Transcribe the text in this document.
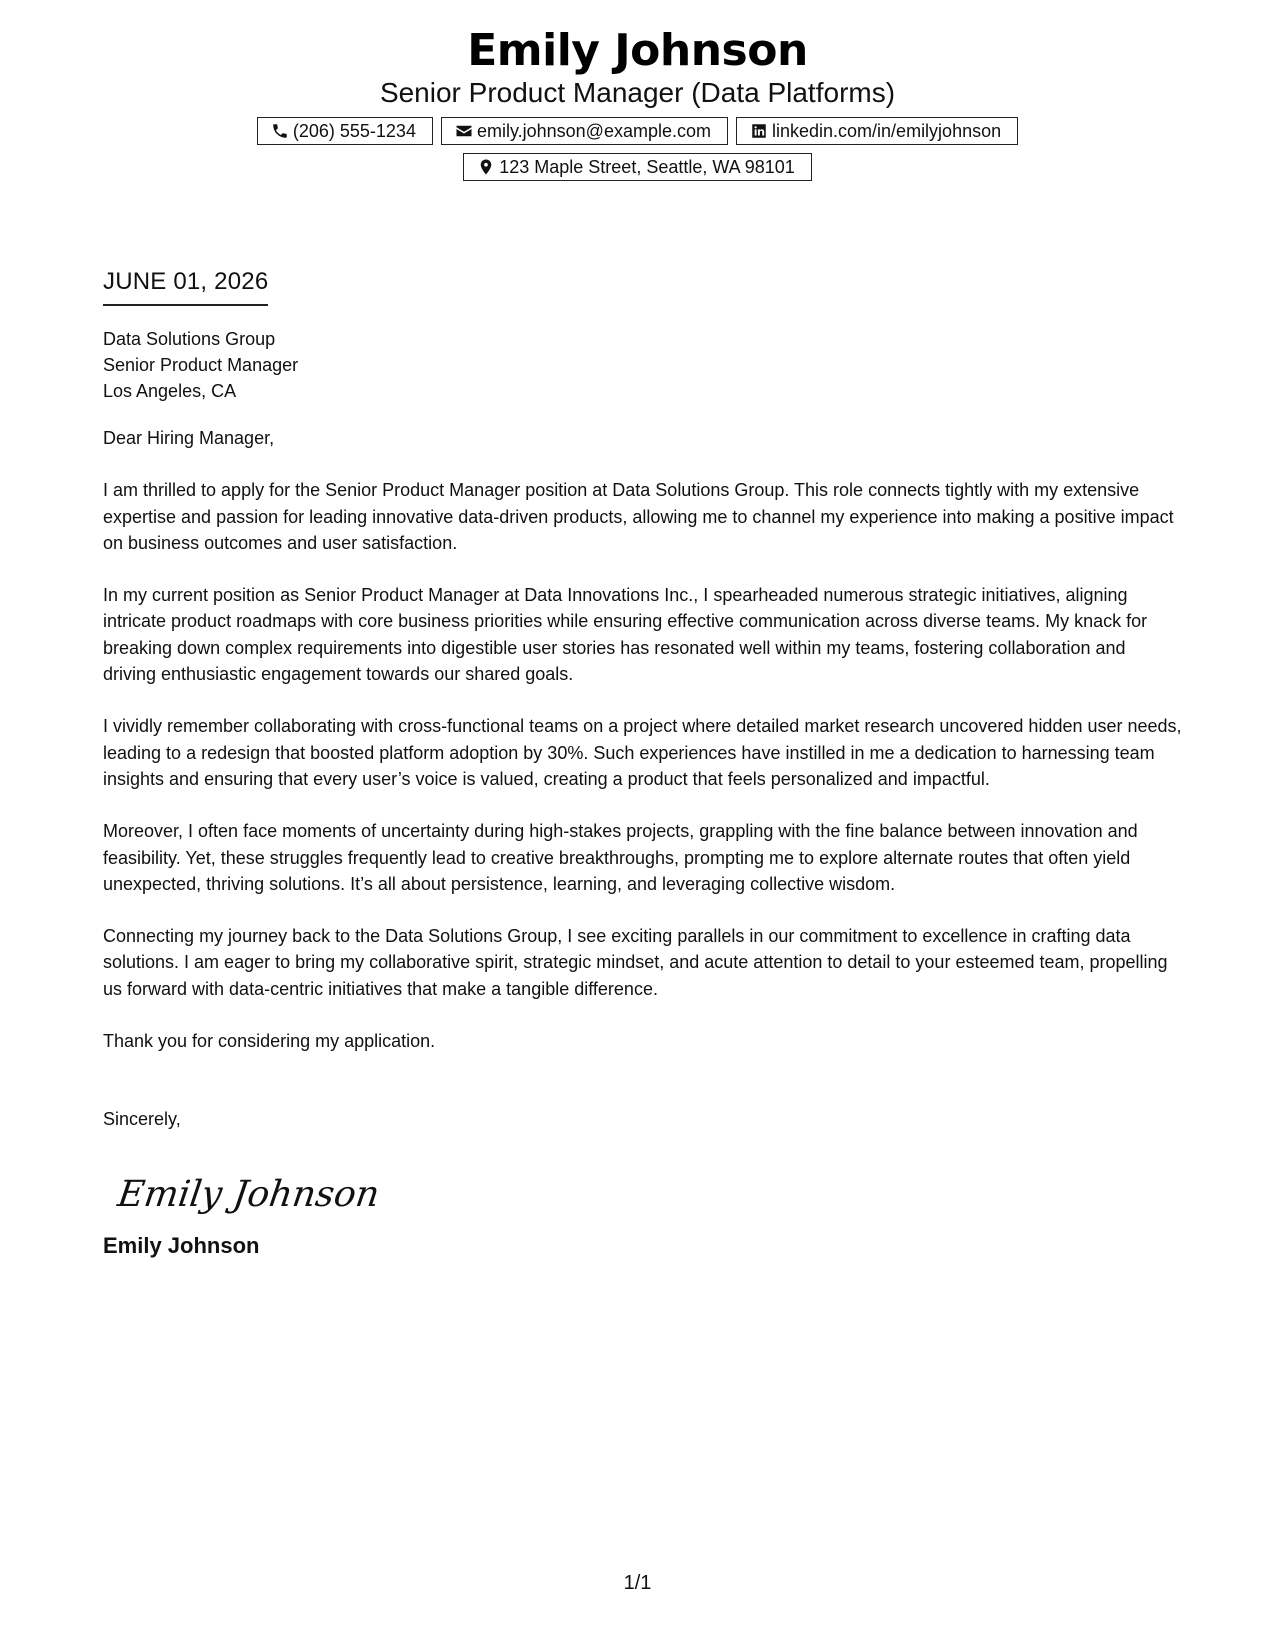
Emily Johnson
Senior Product Manager (Data Platforms)
(206) 555-1234	emily.johnson@example.com	linkedin.com/in/emilyjohnson
123 Maple Street, Seattle, WA 98101
JUNE 01, 2026
Data Solutions Group
Senior Product Manager
Los Angeles, CA

Dear Hiring Manager,

I am thrilled to apply for the Senior Product Manager position at Data Solutions Group. This role connects tightly with my extensive expertise and passion for leading innovative data-driven products, allowing me to channel my experience into making a positive impact on business outcomes and user satisfaction.

In my current position as Senior Product Manager at Data Innovations Inc., I spearheaded numerous strategic initiatives, aligning intricate product roadmaps with core business priorities while ensuring effective communication across diverse teams. My knack for breaking down complex requirements into digestible user stories has resonated well within my teams, fostering collaboration and driving enthusiastic engagement towards our shared goals.

I vividly remember collaborating with cross-functional teams on a project where detailed market research uncovered hidden user needs, leading to a redesign that boosted platform adoption by 30%. Such experiences have instilled in me a dedication to harnessing team insights and ensuring that every user’s voice is valued, creating a product that feels personalized and impactful.

Moreover, I often face moments of uncertainty during high-stakes projects, grappling with the fine balance between innovation and feasibility. Yet, these struggles frequently lead to creative breakthroughs, prompting me to explore alternate routes that often yield unexpected, thriving solutions. It’s all about persistence, learning, and leveraging collective wisdom.

Connecting my journey back to the Data Solutions Group, I see exciting parallels in our commitment to excellence in crafting data solutions. I am eager to bring my collaborative spirit, strategic mindset, and acute attention to detail to your esteemed team, propelling us forward with data-centric initiatives that make a tangible difference.

Thank you for considering my application.

Sincerely,
Emily Johnson
Emily Johnson
1/1
